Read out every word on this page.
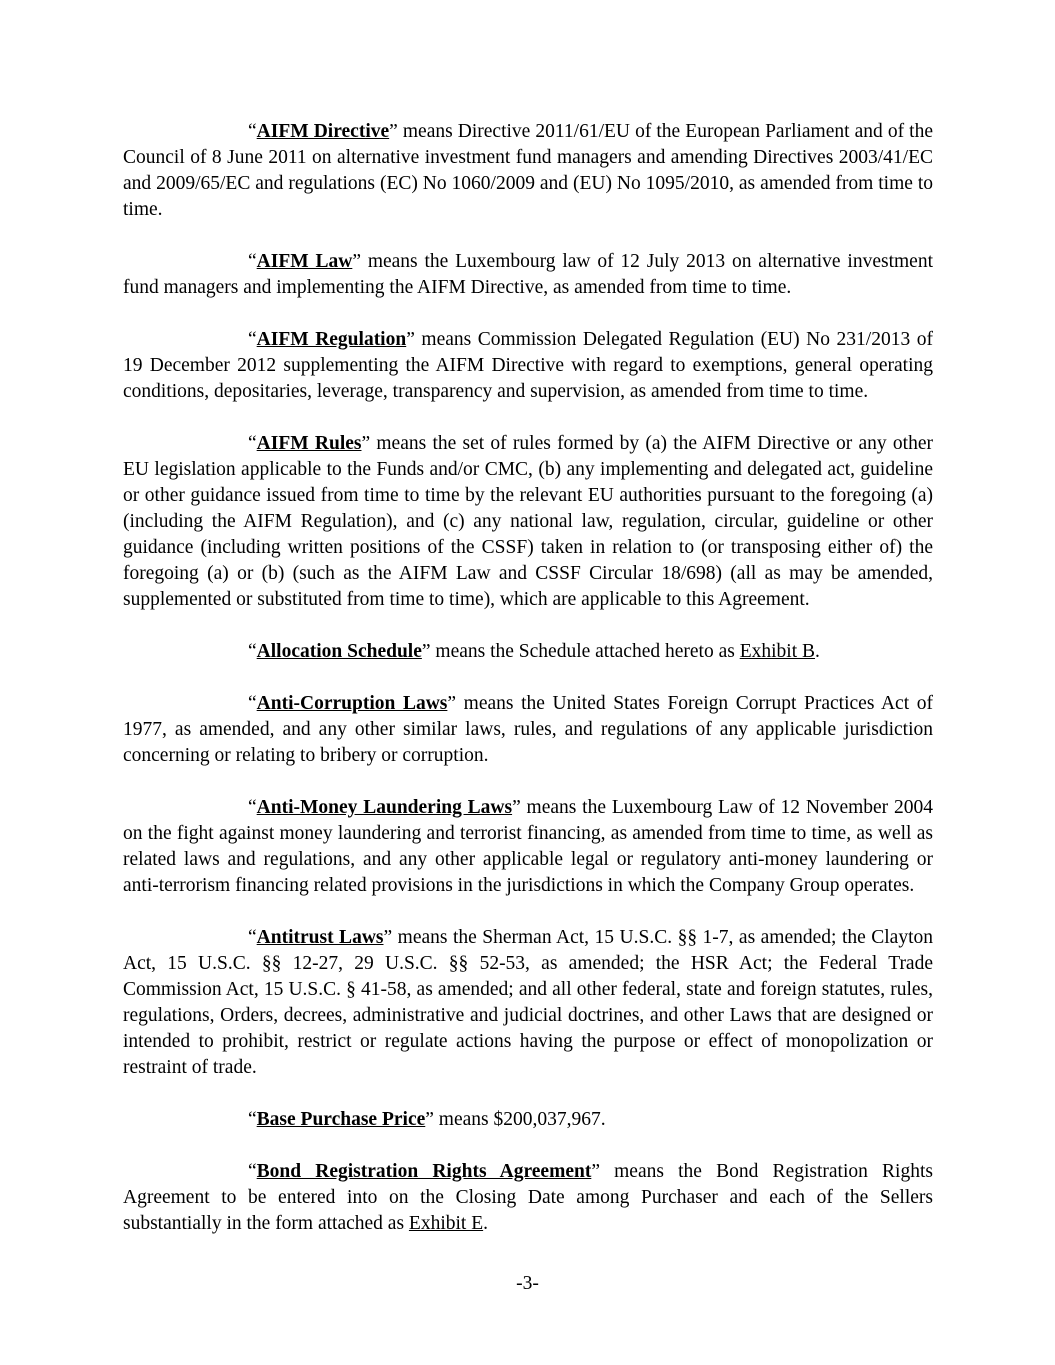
“AIFM Directive” means Directive 2011/61/EU of the European Parliament and of the Council of 8 June 2011 on alternative investment fund managers and amending Directives 2003/41/EC and 2009/65/EC and regulations (EC) No 1060/2009 and (EU) No 1095/2010, as amended from time to time.

“AIFM Law” means the Luxembourg law of 12 July 2013 on alternative investment fund managers and implementing the AIFM Directive, as amended from time to time.

“AIFM Regulation” means Commission Delegated Regulation (EU) No 231/2013 of 19 December 2012 supplementing the AIFM Directive with regard to exemptions, general operating conditions, depositaries, leverage, transparency and supervision, as amended from time to time.

“AIFM Rules” means the set of rules formed by (a) the AIFM Directive or any other EU legislation applicable to the Funds and/or CMC, (b) any implementing and delegated act, guideline or other guidance issued from time to time by the relevant EU authorities pursuant to the foregoing (a) (including the AIFM Regulation), and (c) any national law, regulation, circular, guideline or other guidance (including written positions of the CSSF) taken in relation to (or transposing either of) the foregoing (a) or (b) (such as the AIFM Law and CSSF Circular 18/698) (all as may be amended, supplemented or substituted from time to time), which are applicable to this Agreement.

“Allocation Schedule” means the Schedule attached hereto as Exhibit B.

“Anti-Corruption Laws” means the United States Foreign Corrupt Practices Act of 1977, as amended, and any other similar laws, rules, and regulations of any applicable jurisdiction concerning or relating to bribery or corruption.

“Anti-Money Laundering Laws” means the Luxembourg Law of 12 November 2004 on the fight against money laundering and terrorist financing, as amended from time to time, as well as related laws and regulations, and any other applicable legal or regulatory anti-money laundering or anti-terrorism financing related provisions in the jurisdictions in which the Company Group operates.

“Antitrust Laws” means the Sherman Act, 15 U.S.C. §§ 1-7, as amended; the Clayton Act, 15 U.S.C. §§ 12-27, 29 U.S.C. §§ 52-53, as amended; the HSR Act; the Federal Trade Commission Act, 15 U.S.C. § 41-58, as amended; and all other federal, state and foreign statutes, rules, regulations, Orders, decrees, administrative and judicial doctrines, and other Laws that are designed or intended to prohibit, restrict or regulate actions having the purpose or effect of monopolization or restraint of trade.

“Base Purchase Price” means $200,037,967.

“Bond Registration Rights Agreement” means the Bond Registration Rights Agreement to be entered into on the Closing Date among Purchaser and each of the Sellers substantially in the form attached as Exhibit E.

-3-
